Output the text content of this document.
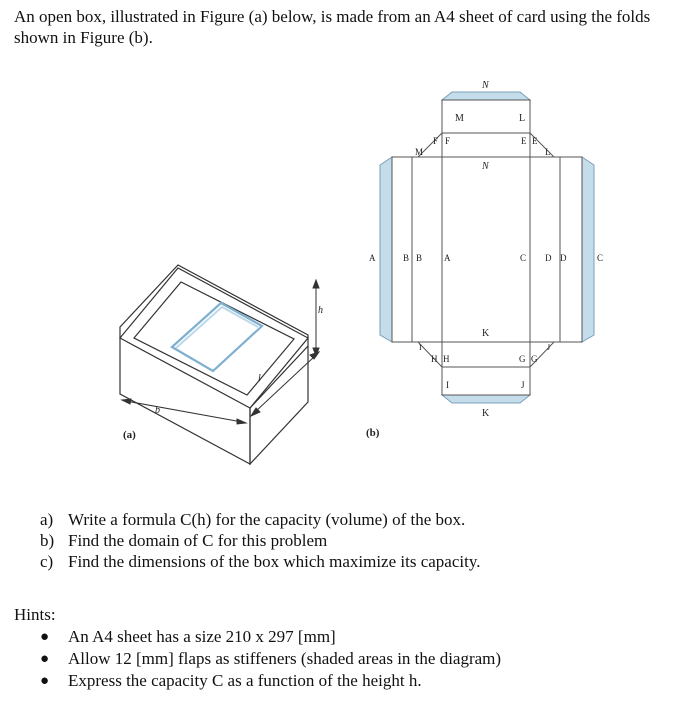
An open box, illustrated in Figure (a) below, is made from an A4 sheet of card using the folds shown in Figure (b).
h
l
b
(a)
N
M	L
M
F F	E E
L
N
A	B B A	C D D	C
K
I
H H	G G
J
I	J
K
(b)
a) Write a formula C(h) for the capacity (volume) of the box.
b) Find the domain of C for this problem
c) Find the dimensions of the box which maximize its capacity.
Hints:
●	An A4 sheet has a size 210 x 297 [mm]
●	Allow 12 [mm] flaps as stiffeners (shaded areas in the diagram)
●	Express the capacity C as a function of the height h.
